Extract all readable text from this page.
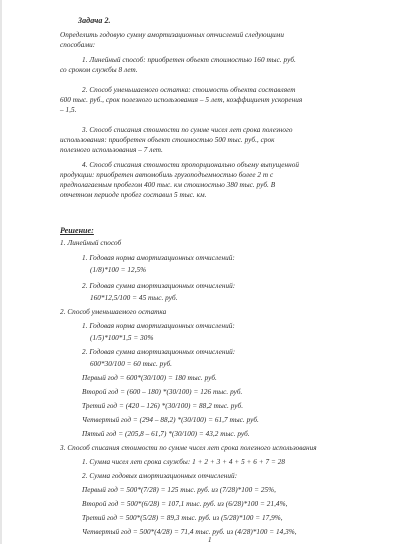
Задача 2.
Определить годовую сумму амортизационных отчислений следующими
способами:
1. Линейный способ: приобретен объект стоимостью 160 тыс. руб.
со сроком службы 8 лет.
2. Способ уменьшаемого остатка: стоимость объекта составляет
600 тыс. руб., срок полезного использования – 5 лет, коэффициент ускорения
– 1,5.
3. Способ списания стоимости по сумме чисел лет срока полезного
использования: приобретен объект стоимостью 500 тыс. руб., срок
полезного использования – 7 лет.
4. Способ списания стоимости пропорционально объему выпущенной
продукции: приобретен автомобиль грузоподъемностью более 2 т с
предполагаемым пробегом 400 тыс. км стоимостью 380 тыс. руб. В
отчетном периоде пробег составил 5 тыс. км.
Решение:
1. Линейный способ
1. Годовая норма амортизационных отчислений:
(1/8)*100 = 12,5%
2. Годовая сумма амортизационных отчислений:
160*12,5/100 = 45 тыс. руб.
2. Способ уменьшаемого остатка
1. Годовая норма амортизационных отчислений:
(1/5)*100*1,5 = 30%
2. Годовая сумма амортизационных отчислений:
600*30/100 = 60 тыс. руб.
Первый год = 600*(30/100) = 180 тыс. руб.
Второй год = (600 – 180) *(30/100) = 126 тыс. руб.
Третий год = (420 – 126) *(30/100) = 88,2 тыс. руб.
Четвертый год = (294 – 88,2) *(30/100) = 61,7 тыс. руб.
Пятый год = (205,8 – 61,7) *(30/100) = 43,2 тыс. руб.
3. Способ списания стоимости по сумме чисел лет срока полезного использования
1. Сумма чисел лет срока службы: 1 + 2 + 3 + 4 + 5 + 6 + 7 = 28
2. Сумма годовых амортизационных отчислений:
Первый год = 500*(7/28) = 125 тыс. руб. из (7/28)*100 = 25%,
Второй год = 500*(6/28) = 107,1 тыс. руб. из (6/28)*100 = 21,4%,
Третий год = 500*(5/28) = 89,3 тыс. руб. из (5/28)*100 = 17,9%,
Четвертый год = 500*(4/28) = 71,4 тыс. руб. из (4/28)*100 = 14,3%,
1
